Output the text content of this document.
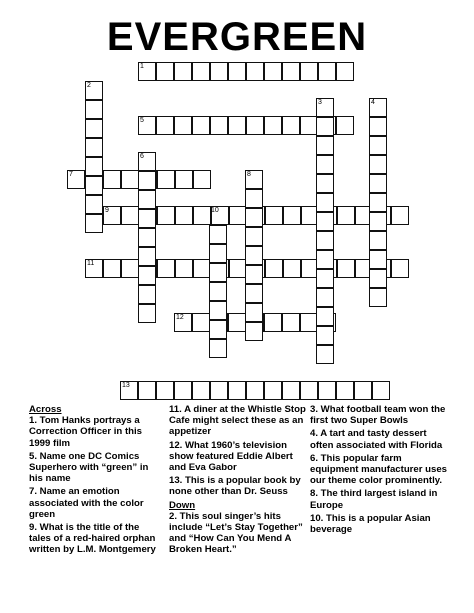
EVERGREEN
1
2
3	4
5
6
7	8
9	10
11
12
13
Across
1. Tom Hanks portrays a Correction Officer in this 1999 film
5. Name one DC Comics Superhero with “green” in his name
7. Name an emotion associated with the color green
9. What is the title of the tales of a red-haired orphan written by L.M. Montgemery
11. A diner at the Whistle Stop Cafe might select these as an appetizer
12. What 1960’s television show featured Eddie Albert and Eva Gabor
13. This is a popular book by none other than Dr. Seuss
Down
2. This soul singer’s hits include “Let’s Stay Together” and “How Can You Mend A Broken Heart.”
3. What football team won the first two Super Bowls
4. A tart and tasty dessert often associated with Florida
6. This popular farm equipment manufacturer uses our theme color prominently.
8. The third largest island in Europe
10. This is a popular Asian beverage
